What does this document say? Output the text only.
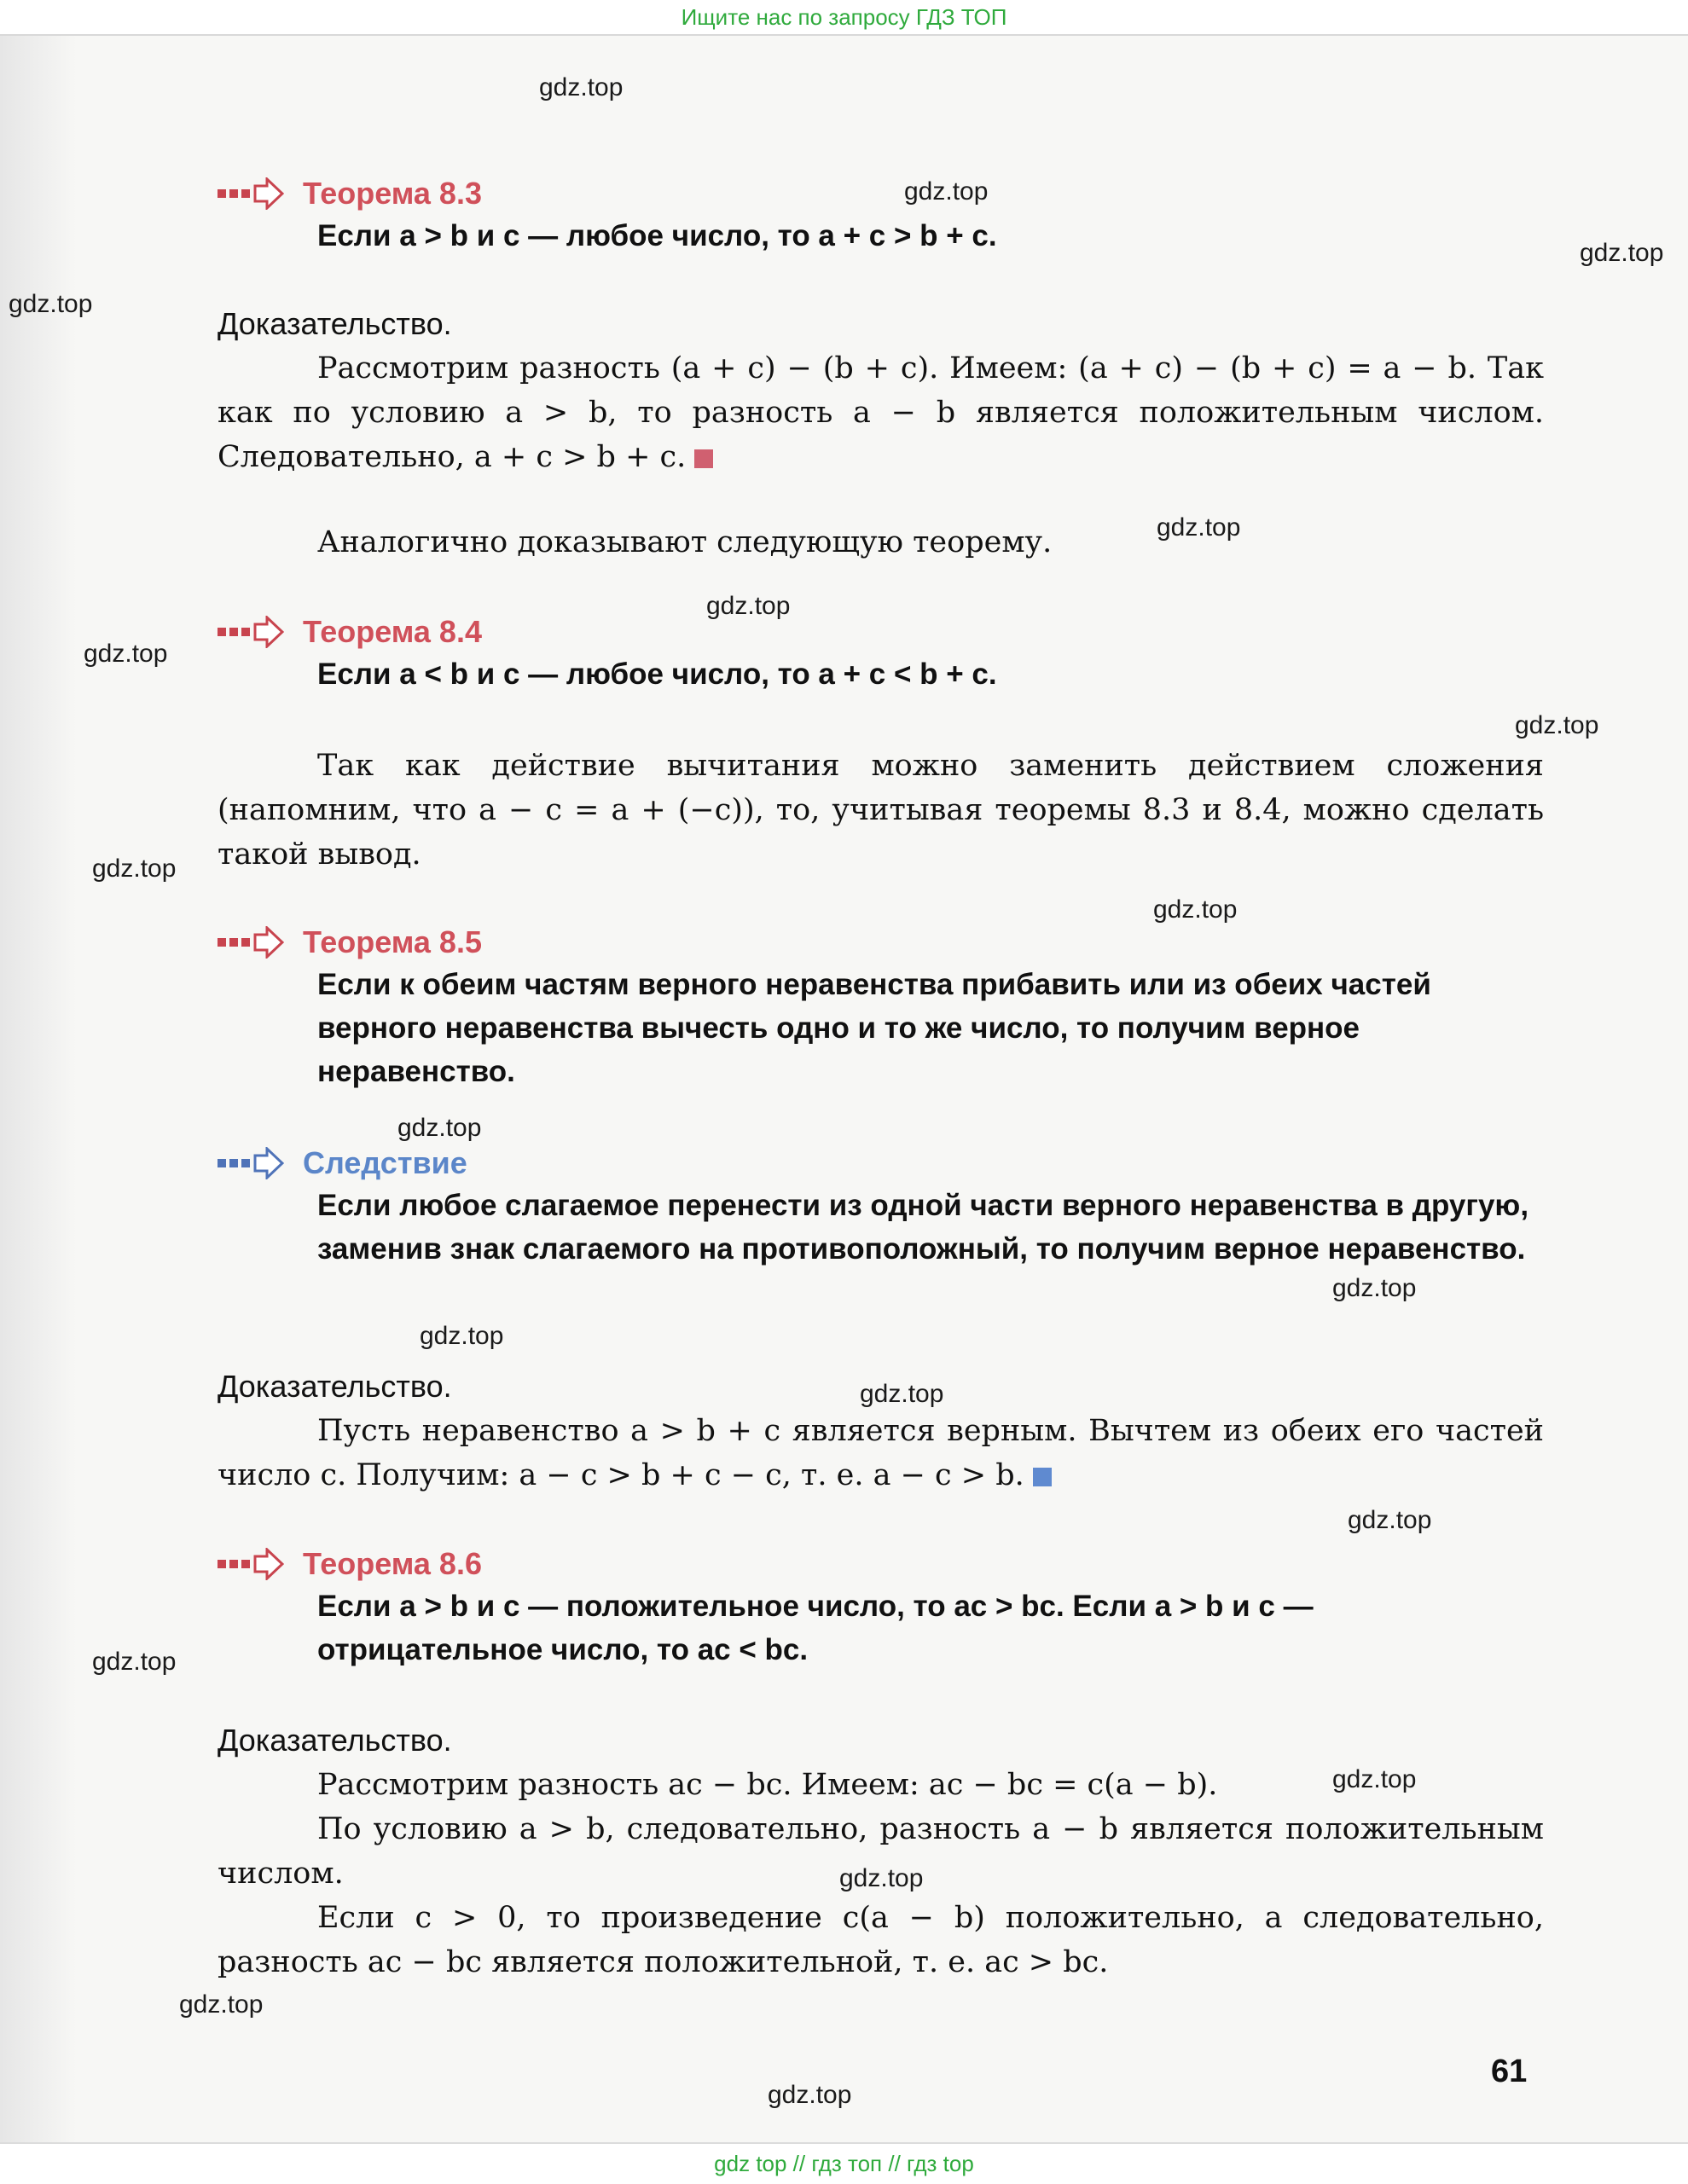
Ищите нас по запросу ГДЗ ТОП
Теорема 8.3

Если a > b и c — любое число, то a + c > b + c.

Доказательство.

Рассмотрим разность (a + c) − (b + c). Имеем: (a + c) − (b + c) = a − b. Так как по условию a > b, то разность a − b является положительным числом. Следовательно, a + c > b + c.

Аналогично доказывают следующую теорему.

Теорема 8.4

Если a < b и c — любое число, то a + c < b + c.

Так как действие вычитания можно заменить действием сложения (напомним, что a − c = a + (−c)), то, учитывая теоремы 8.3 и 8.4, можно сделать такой вывод.

Теорема 8.5

Если к обеим частям верного неравенства прибавить или из обеих частей верного неравенства вычесть одно и то же число, то получим верное неравенство.

Следствие

Если любое слагаемое перенести из одной части верного неравенства в другую, заменив знак слагаемого на противоположный, то получим верное неравенство.

Доказательство.

Пусть неравенство a > b + c является верным. Вычтем из обеих его частей число c. Получим: a − c > b + c − c, т. е. a − c > b.

Теорема 8.6

Если a > b и c — положительное число, то ac > bc. Если a > b и c — отрицательное число, то ac < bc.

Доказательство.

Рассмотрим разность ac − bc. Имеем: ac − bc = c(a − b).

По условию a > b, следовательно, разность a − b является положительным числом.

Если c > 0, то произведение c(a − b) положительно, а следовательно, разность ac − bc является положительной, т. е. ac > bc.

61
gdz.top
gdz.top
gdz.top
gdz.top
gdz.top
gdz.top
gdz.top
gdz.top
gdz.top
gdz.top
gdz.top
gdz.top
gdz.top
gdz.top
gdz.top
gdz.top
gdz.top
gdz.top
gdz.top
gdz.top
gdz top // гдз топ // гдз top
